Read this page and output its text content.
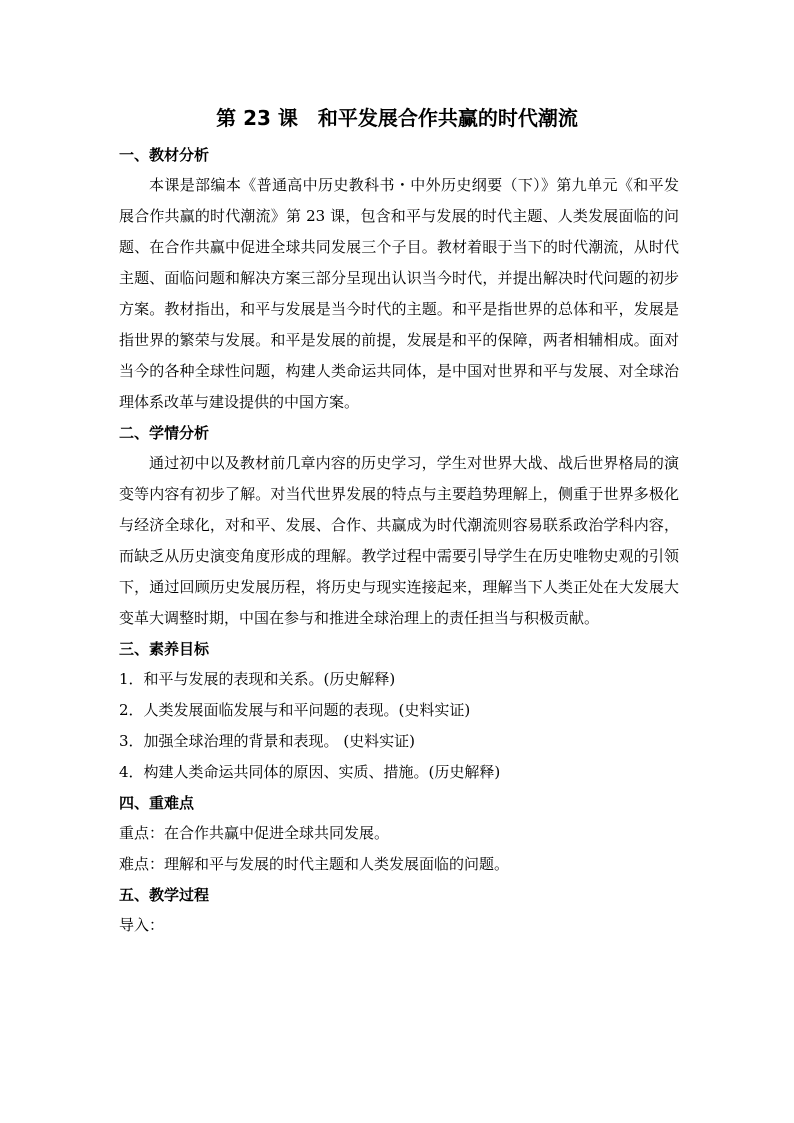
第 23 课　和平发展合作共赢的时代潮流
一、教材分析

本课是部编本《普通高中历史教科书・中外历史纲要（下）》第九单元《和平发展合作共赢的时代潮流》第 23 课，包含和平与发展的时代主题、人类发展面临的问题、在合作共赢中促进全球共同发展三个子目。教材着眼于当下的时代潮流，从时代主题、面临问题和解决方案三部分呈现出认识当今时代，并提出解决时代问题的初步方案。教材指出，和平与发展是当今时代的主题。和平是指世界的总体和平，发展是指世界的繁荣与发展。和平是发展的前提，发展是和平的保障，两者相辅相成。面对当今的各种全球性问题，构建人类命运共同体，是中国对世界和平与发展、对全球治理体系改革与建设提供的中国方案。

二、学情分析

通过初中以及教材前几章内容的历史学习，学生对世界大战、战后世界格局的演变等内容有初步了解。对当代世界发展的特点与主要趋势理解上，侧重于世界多极化与经济全球化，对和平、发展、合作、共赢成为时代潮流则容易联系政治学科内容，而缺乏从历史演变角度形成的理解。教学过程中需要引导学生在历史唯物史观的引领下，通过回顾历史发展历程，将历史与现实连接起来，理解当下人类正处在大发展大变革大调整时期，中国在参与和推进全球治理上的责任担当与积极贡献。

三、素养目标
1．和平与发展的表现和关系。(历史解释)
2．人类发展面临发展与和平问题的表现。(史料实证)
3．加强全球治理的背景和表现。 (史料实证)
4．构建人类命运共同体的原因、实质、措施。(历史解释)
四、重难点
重点：在合作共赢中促进全球共同发展。
难点：理解和平与发展的时代主题和人类发展面临的问题。
五、教学过程
导入：
